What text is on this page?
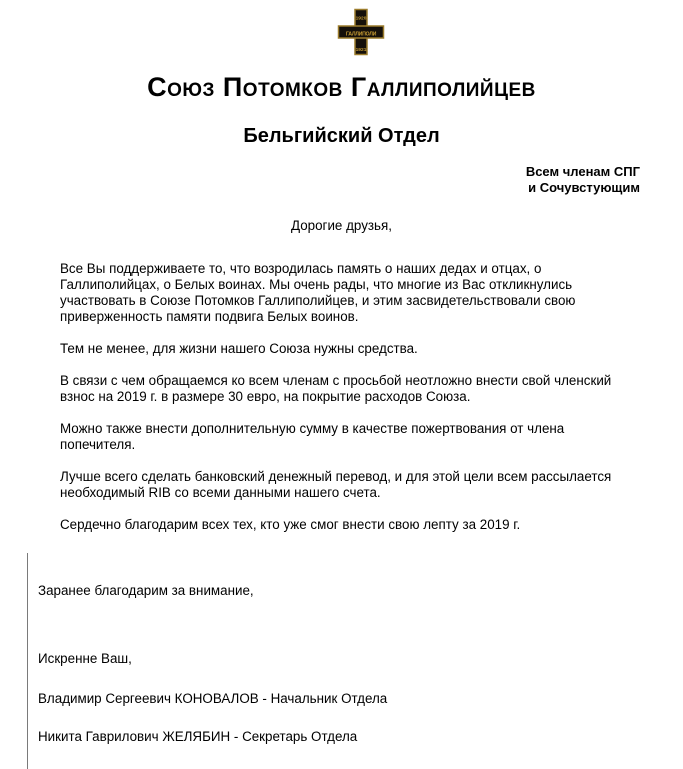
1920
ГАЛЛИПОЛИ
1921
Союз Потомков Галлиполийцев
Бельгийский Отдел
Всем членам СПГ
и Сочувстующим
Дорогие друзья,

Все Вы поддерживаете то, что возродилась память о наших дедах и отцах, о Галлиполийцах, о Белых воинах. Мы очень рады, что многие из Вас откликнулись участвовать в Союзе Потомков Галлиполийцев, и этим засвидетельствовали свою приверженность памяти подвига Белых воинов.

Тем не менее, для жизни нашего Союза нужны средства.

В связи с чем обращаемся ко всем членам с просьбой неотложно внести свой членский взнос на 2019 г. в размере 30 евро, на покрытие расходов Союза.

Можно также внести дополнительную сумму в качестве пожертвования от члена попечителя.

Лучше всего сделать банковский денежный перевод, и для этой цели всем рассылается необходимый RIB со всеми данными нашего счета.

Сердечно благодарим всех тех, кто уже смог внести свою лепту за 2019 г.

Заранее благодарим за внимание,
Искренне Ваш,
Владимир Сергеевич КОНОВАЛОВ - Начальник Отдела
Никита Гаврилович ЖЕЛЯБИН - Секретарь Отдела
